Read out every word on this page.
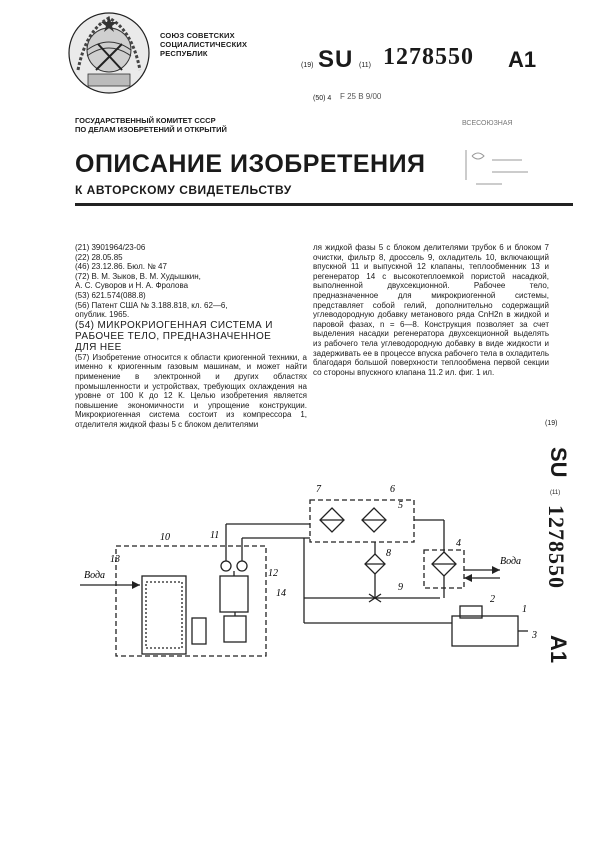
СОЮЗ СОВЕТСКИХ
СОЦИАЛИСТИЧЕСКИХ
РЕСПУБЛИК
(19) SU (11) 1278550 A1
(50) 4 F 25 B 9/00
ГОСУДАРСТВЕННЫЙ КОМИТЕТ СССР
ПО ДЕЛАМ ИЗОБРЕТЕНИЙ И ОТКРЫТИЙ
ВСЕСОЮЗНАЯ
ОПИСАНИЕ ИЗОБРЕТЕНИЯ
К АВТОРСКОМУ СВИДЕТЕЛЬСТВУ
(21) 3901964/23-06
(22) 28.05.85
(46) 23.12.86. Бюл. № 47
(72) В. М. Зыков, В. М. Худышкин,
А. С. Суворов и Н. А. Фролова
(53) 621.574(088.8)
(56) Патент США № 3.188.818, кл. 62—6,
опублик. 1965.
(54) МИКРОКРИОГЕННАЯ СИСТЕМА И
РАБОЧЕЕ ТЕЛО, ПРЕДНАЗНАЧЕННОЕ
ДЛЯ НЕЕ
(57) Изобретение относится к области криогенной техники, а именно к криогенным газовым машинам, и может найти применение в электронной и других областях промышленности и устройствах, требующих охлаждения на уровне от 100 К до 12 К. Целью изобретения является повышение экономичности и упрощение конструкции. Микрокриогенная система состоит из компрессора 1, отделителя жидкой фазы 5 с блоком делителями
ля жидкой фазы 5 с блоком делителями трубок 6 и блоком 7 очистки, фильтр 8, дроссель 9, охладитель 10, включающий впускной 11 и выпускной 12 клапаны, теплообменник 13 и регенератор 14 с высокотеплоемкой пористой насадкой, выполненной двухсекционной. Рабочее тело, предназначенное для микрокриогенной системы, представляет собой гелий, дополнительно содержащий углеводородную добавку метанового ряда CnH2n в жидкой и паровой фазах, n = 6—8. Конструкция позволяет за счет выделения насадки регенератора двухсекционной выделять из рабочего тела углеводородную добавку в виде жидкости и задерживать ее в процессе впуска рабочего тела в охладитель благодаря большой поверхности теплообмена первой секции со стороны впускного клапана 11.2 ил. фиг. 1 ил.
(19)
SU
(11)
1278550
A1
1
2
3
4
5
6
7
8
9
10	11
12
13
14
Вода
Вода
